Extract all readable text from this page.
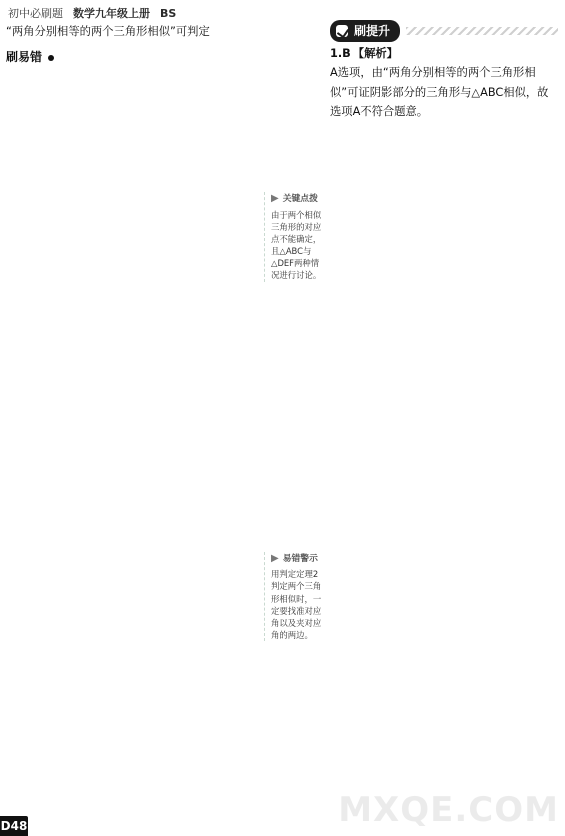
初中必刷题 数学九年级上册 BS
“两角分别相等的两个三角形相似”可判定
刷易错
▶ 关键点拨
由于两个相似三角形的对应点不能确定，且△ABC与△DEF两种情况进行讨论。
▶ 易错警示
用判定定理2判定两个三角形相似时，一定要找准对应角以及夹对应角的两边。
刷提升
1.B 【解析】
A选项，由“两角分别相等的两个三角形相似”可证阴影部分的三角形与△ABC相似，故选项A不符合题意。
D48	MXQE.COM
